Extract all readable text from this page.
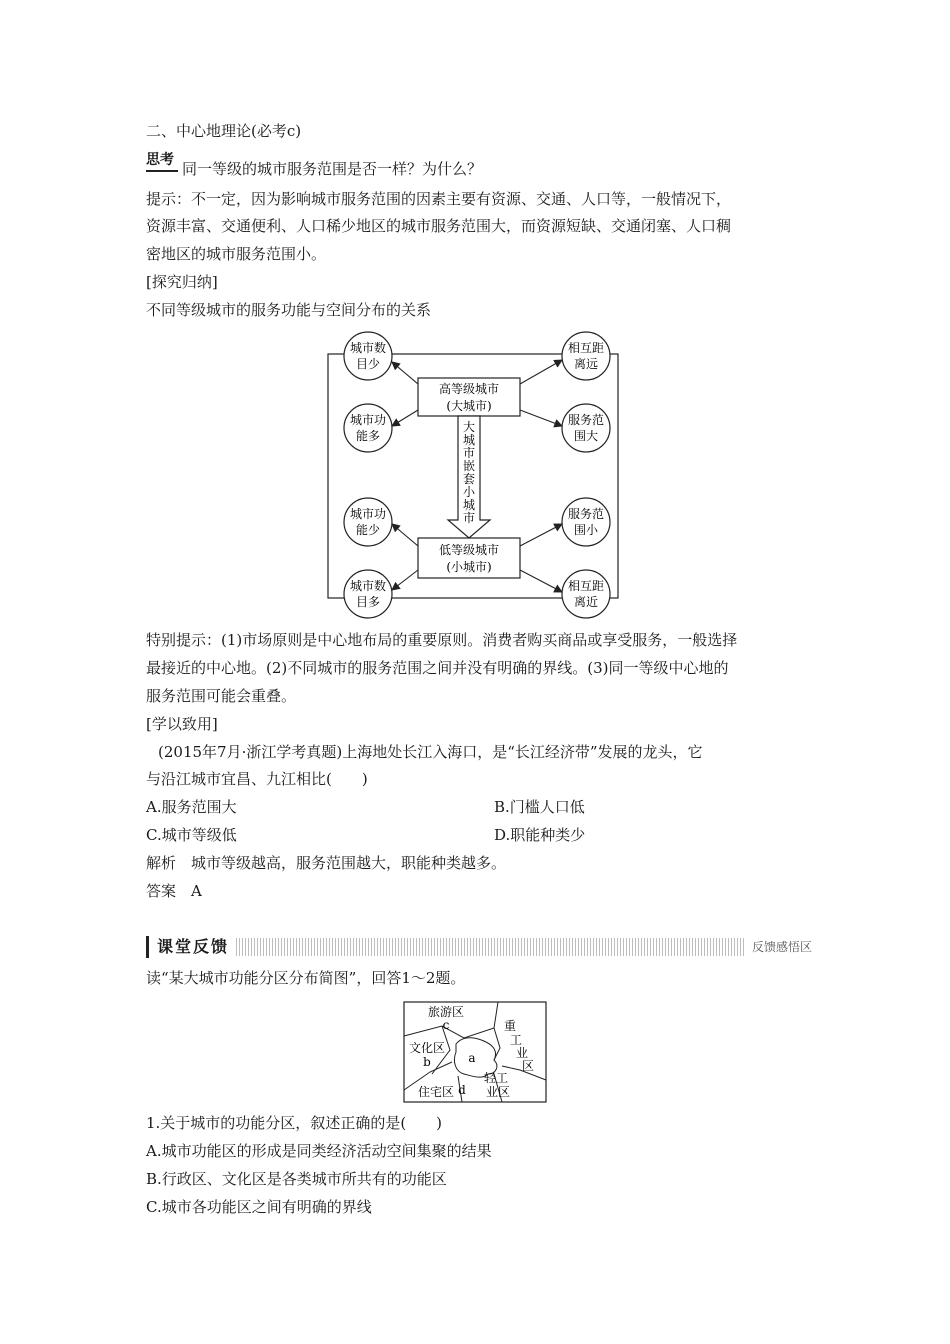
二、中心地理论(必考c)
思考 同一等级的城市服务范围是否一样？为什么？
提示：不一定，因为影响城市服务范围的因素主要有资源、交通、人口等，一般情况下，
资源丰富、交通便利、人口稀少地区的城市服务范围大，而资源短缺、交通闭塞、人口稠
密地区的城市服务范围小。
[探究归纳]
不同等级城市的服务功能与空间分布的关系
高等级城市
(大城市)
低等级城市
(小城市)
大
城
市
嵌
套
小
城
市
城市数
目少
城市功
能多
城市功
能少
城市数
目多
相互距
离远
服务范
围大
服务范
围小
相互距
离近
特别提示：(1)市场原则是中心地布局的重要原则。消费者购买商品或享受服务，一般选择
最接近的中心地。(2)不同城市的服务范围之间并没有明确的界线。(3)同一等级中心地的
服务范围可能会重叠。
[学以致用]
(2015年7月·浙江学考真题)上海地处长江入海口，是“长江经济带”发展的龙头，它
与沿江城市宜昌、九江相比(　　)
A.服务范围大	B.门槛人口低
C.城市等级低	D.职能种类少
解析　城市等级越高，服务范围越大，职能种类越多。
答案　A
课堂反馈	反馈感悟区
读“某大城市功能分区分布简图”，回答1～2题。
旅游区
c
文化区
b	a
重
工
业
区
住宅区 d
轻工
业区
1.关于城市的功能分区，叙述正确的是(　　)
A.城市功能区的形成是同类经济活动空间集聚的结果
B.行政区、文化区是各类城市所共有的功能区
C.城市各功能区之间有明确的界线
